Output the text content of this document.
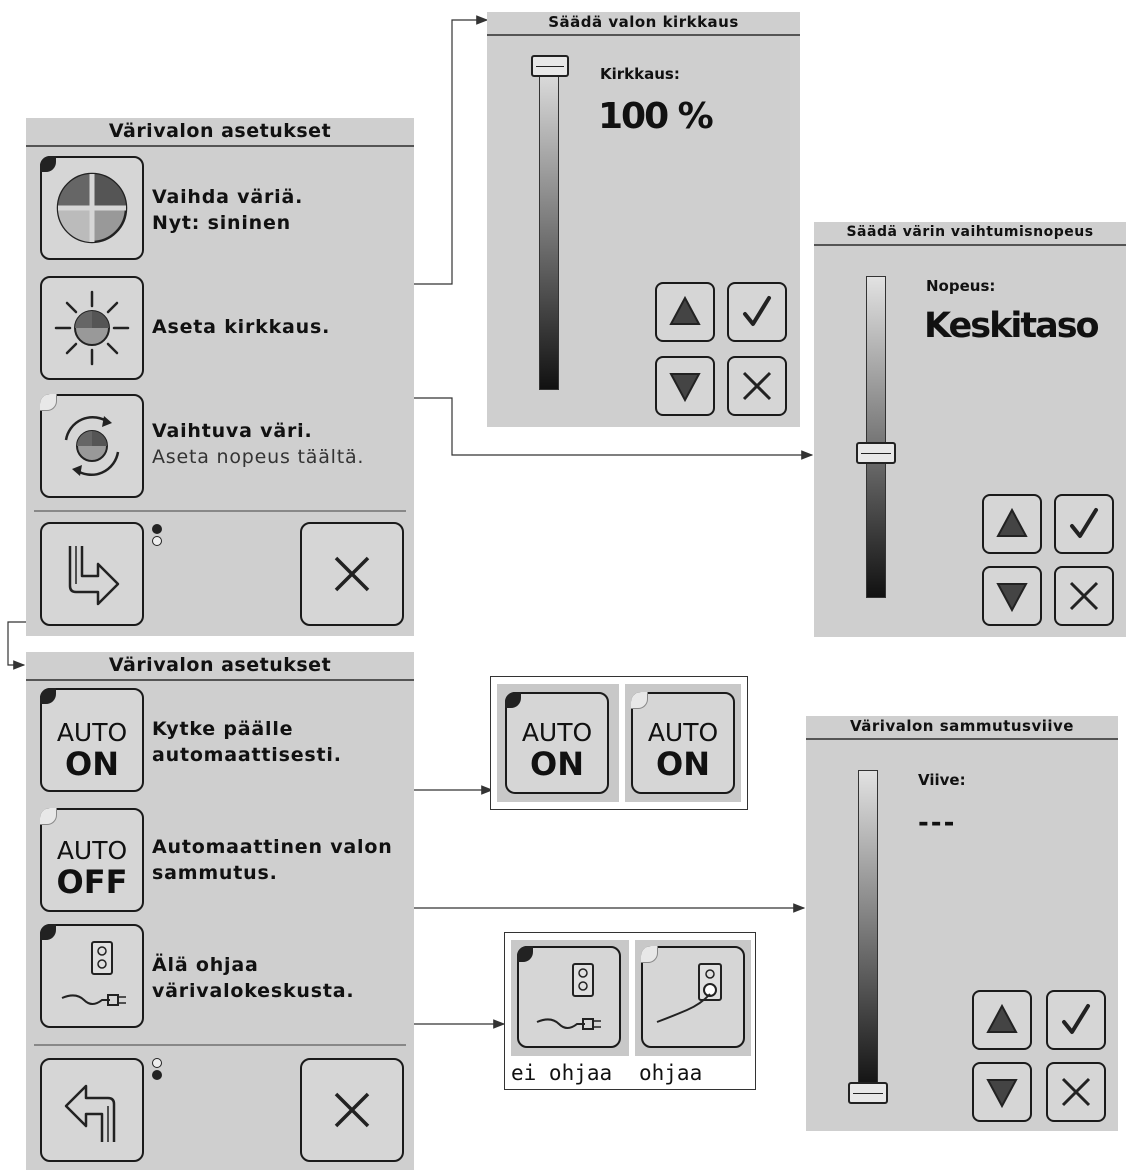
Värivalon asetukset
Vaihda väriä.
Nyt: sininen
Aseta kirkkaus.
Vaihtuva väri.
Aseta nopeus täältä.
Säädä valon kirkkaus
Kirkkaus:
100 %
Säädä värin vaihtumisnopeus
Nopeus:
Keskitaso
Värivalon asetukset
AUTO
ON
Kytke päälle
automaattisesti.
AUTO
OFF
Automaattinen valon
sammutus.
Älä ohjaa
värivalokeskusta.
AUTO
ON
AUTO
ON
ei ohjaa ohjaa
Värivalon sammutusviive
Viive:
---
